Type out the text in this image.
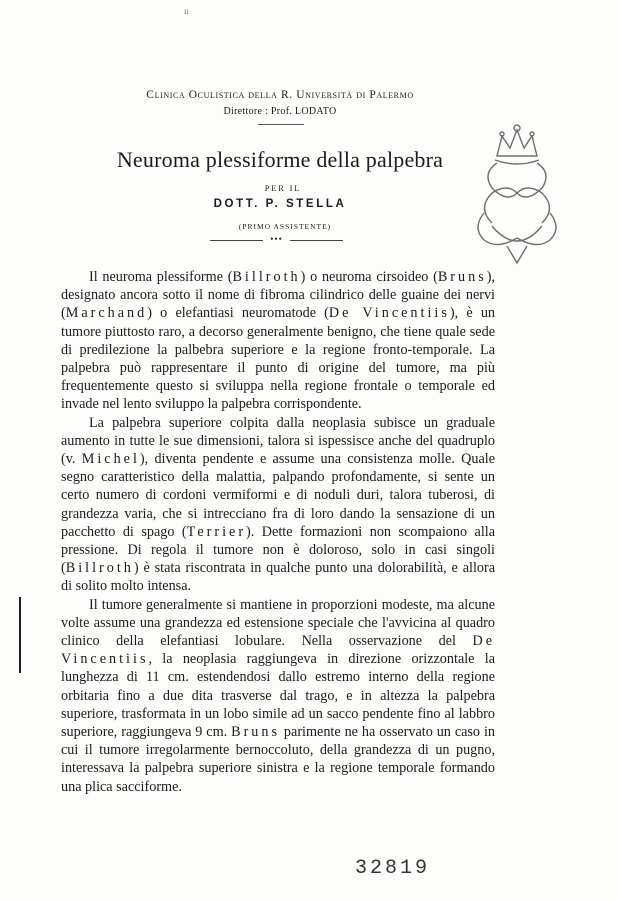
ıı
Clinica Oculistica della R. Università di Palermo
Direttore : Prof. LODATO
Neuroma plessiforme della palpebra
PER IL
DOTT. P. STELLA
(PRIMO ASSISTENTE)
•••

Il neuroma plessiforme (Billroth) o neuroma cirsoideo (Bruns), designato ancora sotto il nome di fibroma cilindrico delle guaine dei nervi (Marchand) o elefantiasi neuromatode (De Vincentiis), è un tumore piuttosto raro, a decorso generalmente benigno, che tiene quale sede di predilezione la palbebra superiore e la regione fronto-temporale. La palpebra può rappresentare il punto di origine del tumore, ma più frequentemente questo si sviluppa nella regione frontale o temporale ed invade nel lento sviluppo la palpebra corrispondente.

La palpebra superiore colpita dalla neoplasia subisce un graduale aumento in tutte le sue dimensioni, talora si ispessisce anche del quadruplo (v. Michel), diventa pendente e assume una consistenza molle. Quale segno caratteristico della malattia, palpando profondamente, si sente un certo numero di cordoni vermiformi e di noduli duri, talora tuberosi, di grandezza varia, che si intrecciano fra di loro dando la sensazione di un pacchetto di spago (Terrier). Dette formazioni non scompaiono alla pressione. Di regola il tumore non è doloroso, solo in casi singoli (Billroth) è stata riscontrata in qualche punto una dolorabilità, e allora di solito molto intensa.

Il tumore generalmente si mantiene in proporzioni modeste, ma alcune volte assume una grandezza ed estensione speciale che l'avvicina al quadro clinico della elefantiasi lobulare. Nella osservazione del De Vincentiis, la neoplasia raggiungeva in direzione orizzontale la lunghezza di 11 cm. estendendosi dallo estremo interno della regione orbitaria fino a due dita trasverse dal trago, e in altezza la palpebra superiore, trasformata in un lobo simile ad un sacco pendente fino al labbro superiore, raggiungeva 9 cm. Bruns parimente ne ha osservato un caso in cui il tumore irregolarmente bernoccoluto, della grandezza di un pugno, interessava la palpebra superiore sinistra e la regione temporale formando una plica sacciforme.

32819
